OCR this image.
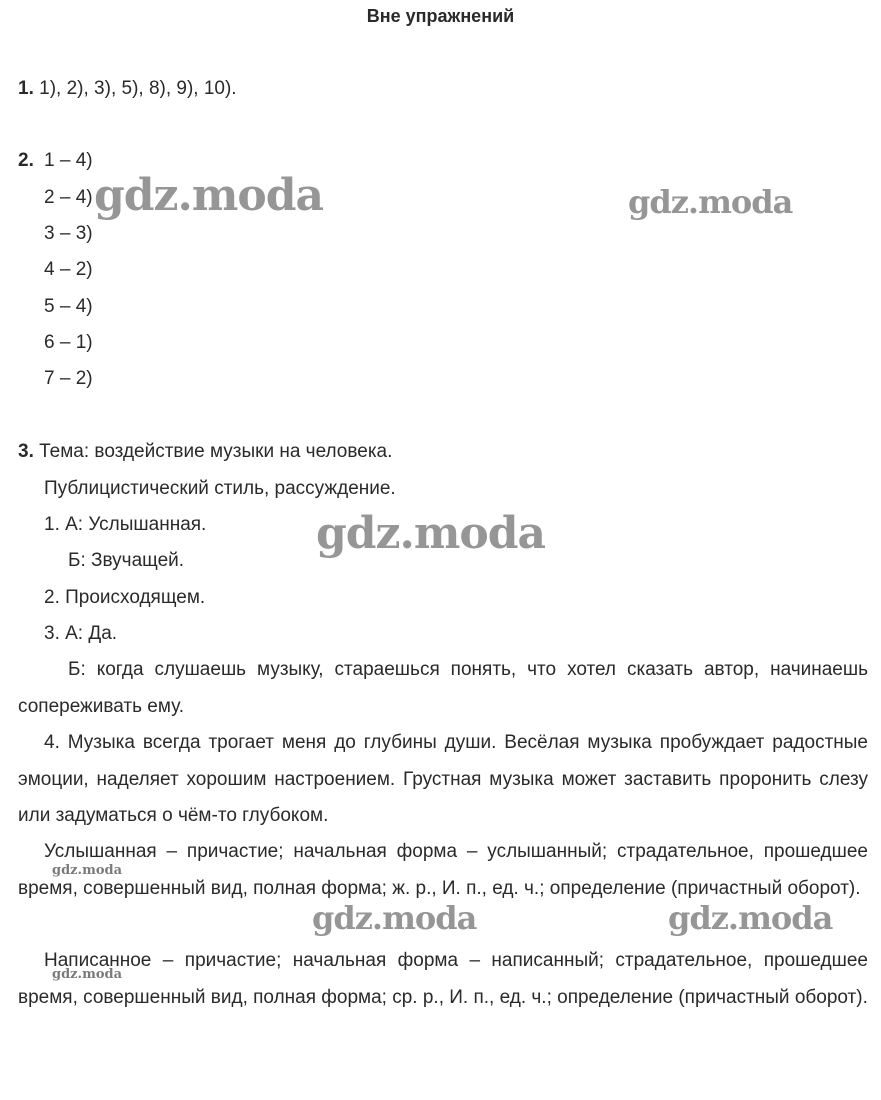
Вне упражнений
1. 1), 2), 3), 5), 8), 9), 10).
2. 1 – 4)
2 – 4)
3 – 3)
4 – 2)
5 – 4)
6 – 1)
7 – 2)
3. Тема: воздействие музыки на человека.
Публицистический стиль, рассуждение.
1. А: Услышанная.
Б: Звучащей.
2. Происходящем.
3. А: Да.
Б: когда слушаешь музыку, стараешься понять, что хотел сказать автор, начинаешь сопереживать ему.
4. Музыка всегда трогает меня до глубины души. Весёлая музыка пробуждает радостные эмоции, наделяет хорошим настроением. Грустная музыка может заставить проронить слезу или задуматься о чём-то глубоком.
Услышанная – причастие; начальная форма – услышанный; страдательное, прошедшее время, совершенный вид, полная форма; ж. р., И. п., ед. ч.; определение (причастный оборот).
Написанное – причастие; начальная форма – написанный; страдательное, прошедшее время, совершенный вид, полная форма; ср. р., И. п., ед. ч.; определение (причастный оборот).
gdz.moda	gdz.moda
gdz.moda
gdz.moda	gdz.moda
gdz.moda
gdz.moda
